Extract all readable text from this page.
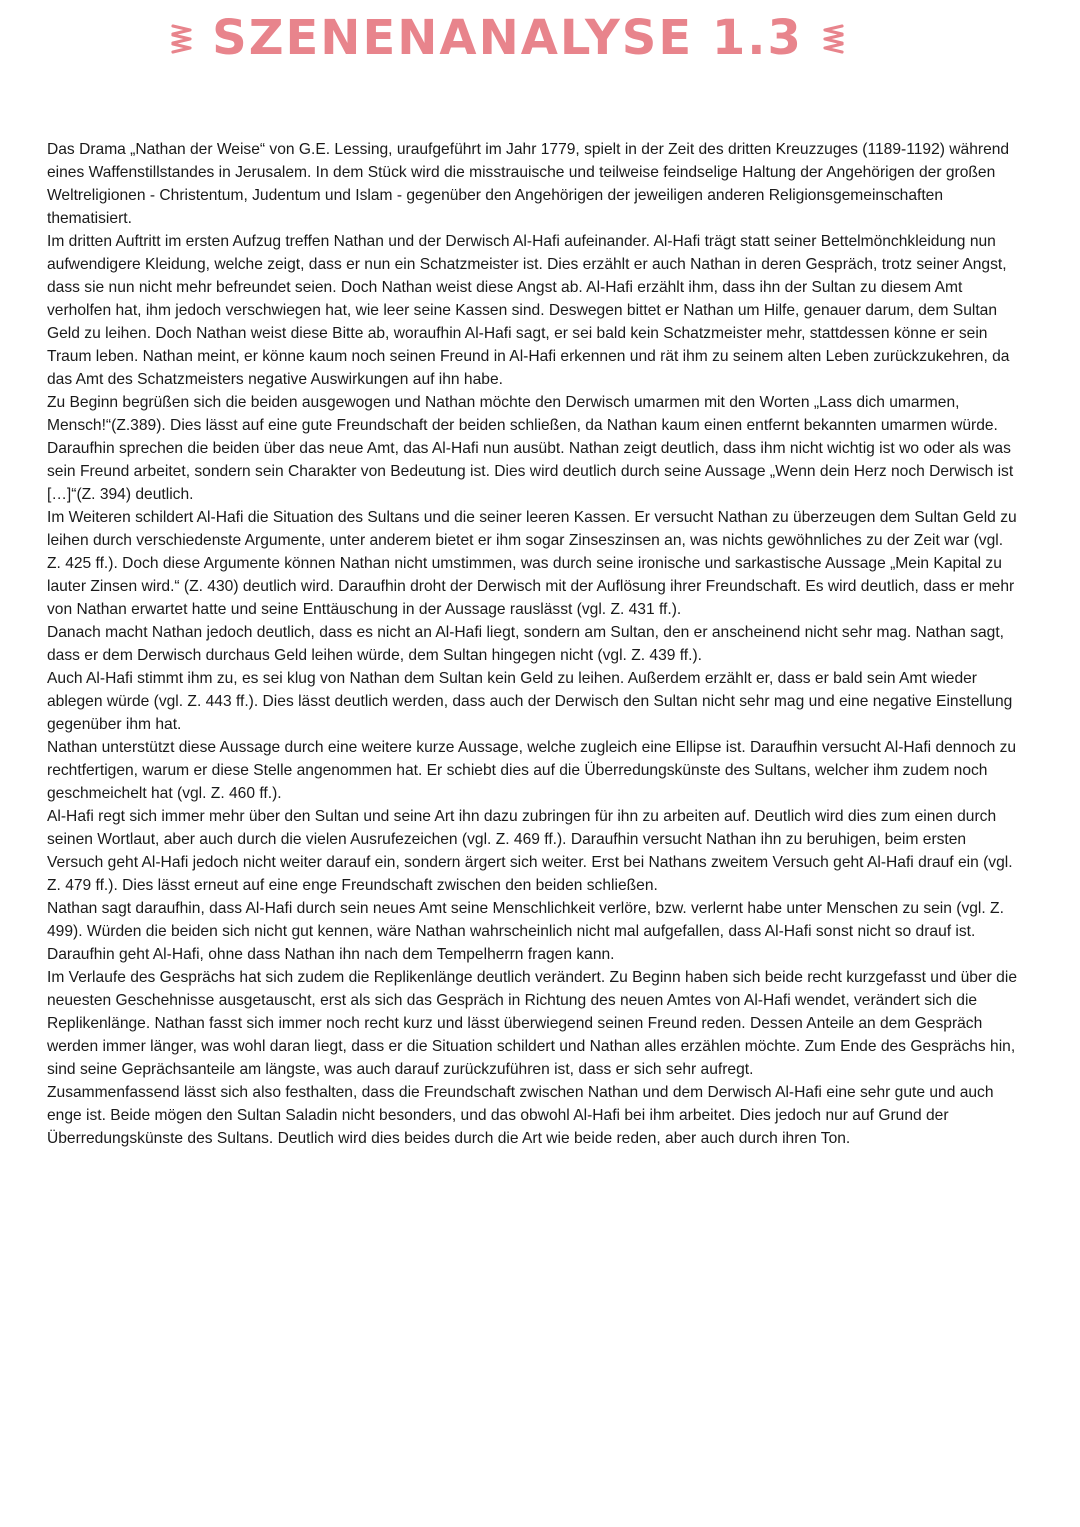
SZENENANALYSE 1.3

Das Drama „Nathan der Weise“ von G.E. Lessing, uraufgeführt im Jahr 1779, spielt in der Zeit des dritten Kreuzzuges (1189-1192) während eines Waffenstillstandes in Jerusalem. In dem Stück wird die misstrauische und teilweise feindselige Haltung der Angehörigen der großen Weltreligionen - Christentum, Judentum und Islam - gegenüber den Angehörigen der jeweiligen anderen Religionsgemeinschaften thematisiert.

Im dritten Auftritt im ersten Aufzug treffen Nathan und der Derwisch Al-Hafi aufeinander. Al-Hafi trägt statt seiner Bettelmönchkleidung nun aufwendigere Kleidung, welche zeigt, dass er nun ein Schatzmeister ist. Dies erzählt er auch Nathan in deren Gespräch, trotz seiner Angst, dass sie nun nicht mehr befreundet seien. Doch Nathan weist diese Angst ab. Al-Hafi erzählt ihm, dass ihn der Sultan zu diesem Amt verholfen hat, ihm jedoch verschwiegen hat, wie leer seine Kassen sind. Deswegen bittet er Nathan um Hilfe, genauer darum, dem Sultan Geld zu leihen. Doch Nathan weist diese Bitte ab, woraufhin Al-Hafi sagt, er sei bald kein Schatzmeister mehr, stattdessen könne er sein Traum leben. Nathan meint, er könne kaum noch seinen Freund in Al-Hafi erkennen und rät ihm zu seinem alten Leben zurückzukehren, da das Amt des Schatzmeisters negative Auswirkungen auf ihn habe.

Zu Beginn begrüßen sich die beiden ausgewogen und Nathan möchte den Derwisch umarmen mit den Worten „Lass dich umarmen, Mensch!“(Z.389). Dies lässt auf eine gute Freundschaft der beiden schließen, da Nathan kaum einen entfernt bekannten umarmen würde.

Daraufhin sprechen die beiden über das neue Amt, das Al-Hafi nun ausübt. Nathan zeigt deutlich, dass ihm nicht wichtig ist wo oder als was sein Freund arbeitet, sondern sein Charakter von Bedeutung ist. Dies wird deutlich durch seine Aussage „Wenn dein Herz noch Derwisch ist […]“(Z. 394) deutlich.

Im Weiteren schildert Al-Hafi die Situation des Sultans und die seiner leeren Kassen. Er versucht Nathan zu überzeugen dem Sultan Geld zu leihen durch verschiedenste Argumente, unter anderem bietet er ihm sogar Zinseszinsen an, was nichts gewöhnliches zu der Zeit war (vgl. Z. 425 ff.). Doch diese Argumente können Nathan nicht umstimmen, was durch seine ironische und sarkastische Aussage „Mein Kapital zu lauter Zinsen wird.“ (Z. 430) deutlich wird. Daraufhin droht der Derwisch mit der Auflösung ihrer Freundschaft. Es wird deutlich, dass er mehr von Nathan erwartet hatte und seine Enttäuschung in der Aussage rauslässt (vgl. Z. 431 ff.).

Danach macht Nathan jedoch deutlich, dass es nicht an Al-Hafi liegt, sondern am Sultan, den er anscheinend nicht sehr mag. Nathan sagt, dass er dem Derwisch durchaus Geld leihen würde, dem Sultan hingegen nicht (vgl. Z. 439 ff.).

Auch Al-Hafi stimmt ihm zu, es sei klug von Nathan dem Sultan kein Geld zu leihen. Außerdem erzählt er, dass er bald sein Amt wieder ablegen würde (vgl. Z. 443 ff.). Dies lässt deutlich werden, dass auch der Derwisch den Sultan nicht sehr mag und eine negative Einstellung gegenüber ihm hat.

Nathan unterstützt diese Aussage durch eine weitere kurze Aussage, welche zugleich eine Ellipse ist. Daraufhin versucht Al-Hafi dennoch zu rechtfertigen, warum er diese Stelle angenommen hat. Er schiebt dies auf die Überredungskünste des Sultans, welcher ihm zudem noch geschmeichelt hat (vgl. Z. 460 ff.).

Al-Hafi regt sich immer mehr über den Sultan und seine Art ihn dazu zubringen für ihn zu arbeiten auf. Deutlich wird dies zum einen durch seinen Wortlaut, aber auch durch die vielen Ausrufezeichen (vgl. Z. 469 ff.). Daraufhin versucht Nathan ihn zu beruhigen, beim ersten Versuch geht Al-Hafi jedoch nicht weiter darauf ein, sondern ärgert sich weiter. Erst bei Nathans zweitem Versuch geht Al-Hafi drauf ein (vgl. Z. 479 ff.). Dies lässt erneut auf eine enge Freundschaft zwischen den beiden schließen.

Nathan sagt daraufhin, dass Al-Hafi durch sein neues Amt seine Menschlichkeit verlöre, bzw. verlernt habe unter Menschen zu sein (vgl. Z. 499). Würden die beiden sich nicht gut kennen, wäre Nathan wahrscheinlich nicht mal aufgefallen, dass Al-Hafi sonst nicht so drauf ist. Daraufhin geht Al-Hafi, ohne dass Nathan ihn nach dem Tempelherrn fragen kann.

Im Verlaufe des Gesprächs hat sich zudem die Replikenlänge deutlich verändert. Zu Beginn haben sich beide recht kurzgefasst und über die neuesten Geschehnisse ausgetauscht, erst als sich das Gespräch in Richtung des neuen Amtes von Al-Hafi wendet, verändert sich die Replikenlänge. Nathan fasst sich immer noch recht kurz und lässt überwiegend seinen Freund reden. Dessen Anteile an dem Gespräch werden immer länger, was wohl daran liegt, dass er die Situation schildert und Nathan alles erzählen möchte. Zum Ende des Gesprächs hin, sind seine Geprächsanteile am längste, was auch darauf zurückzuführen ist, dass er sich sehr aufregt.

Zusammenfassend lässt sich also festhalten, dass die Freundschaft zwischen Nathan und dem Derwisch Al-Hafi eine sehr gute und auch enge ist. Beide mögen den Sultan Saladin nicht besonders, und das obwohl Al-Hafi bei ihm arbeitet. Dies jedoch nur auf Grund der Überredungskünste des Sultans. Deutlich wird dies beides durch die Art wie beide reden, aber auch durch ihren Ton.
